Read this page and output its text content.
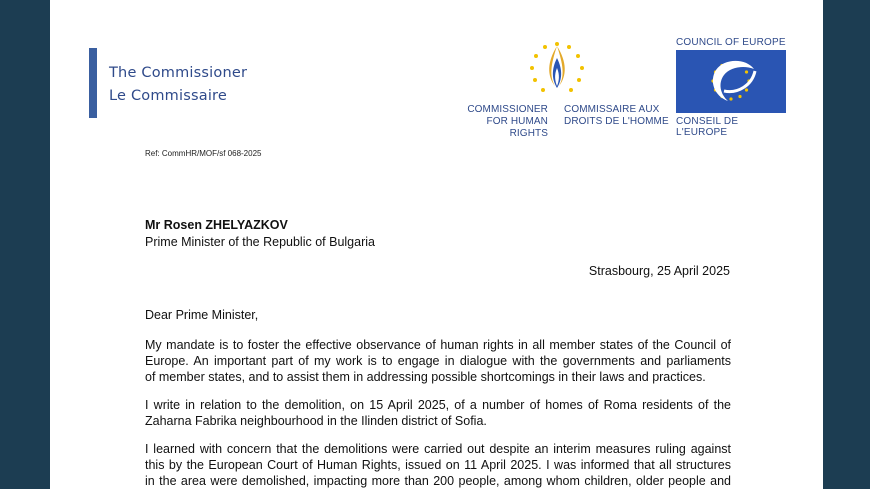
The Commissioner
Le Commissaire
COMMISSIONER
FOR HUMAN RIGHTS
COMMISSAIRE AUX
DROITS DE L'HOMME
COUNCIL OF EUROPE
CONSEIL DE L'EUROPE
Ref: CommHR/MOF/sf 068-2025
Mr Rosen ZHELYAZKOV
Prime Minister of the Republic of Bulgaria
Strasbourg, 25 April 2025
Dear Prime Minister,
My mandate is to foster the effective observance of human rights in all member states of the Council of
Europe. An important part of my work is to engage in dialogue with the governments and parliaments
of member states, and to assist them in addressing possible shortcomings in their laws and practices.
I write in relation to the demolition, on 15 April 2025, of a number of homes of Roma residents of the
Zaharna Fabrika neighbourhood in the Ilinden district of Sofia.
I learned with concern that the demolitions were carried out despite an interim measures ruling against
this by the European Court of Human Rights, issued on 11 April 2025. I was informed that all structures
in the area were demolished, impacting more than 200 people, among whom children, older people and
